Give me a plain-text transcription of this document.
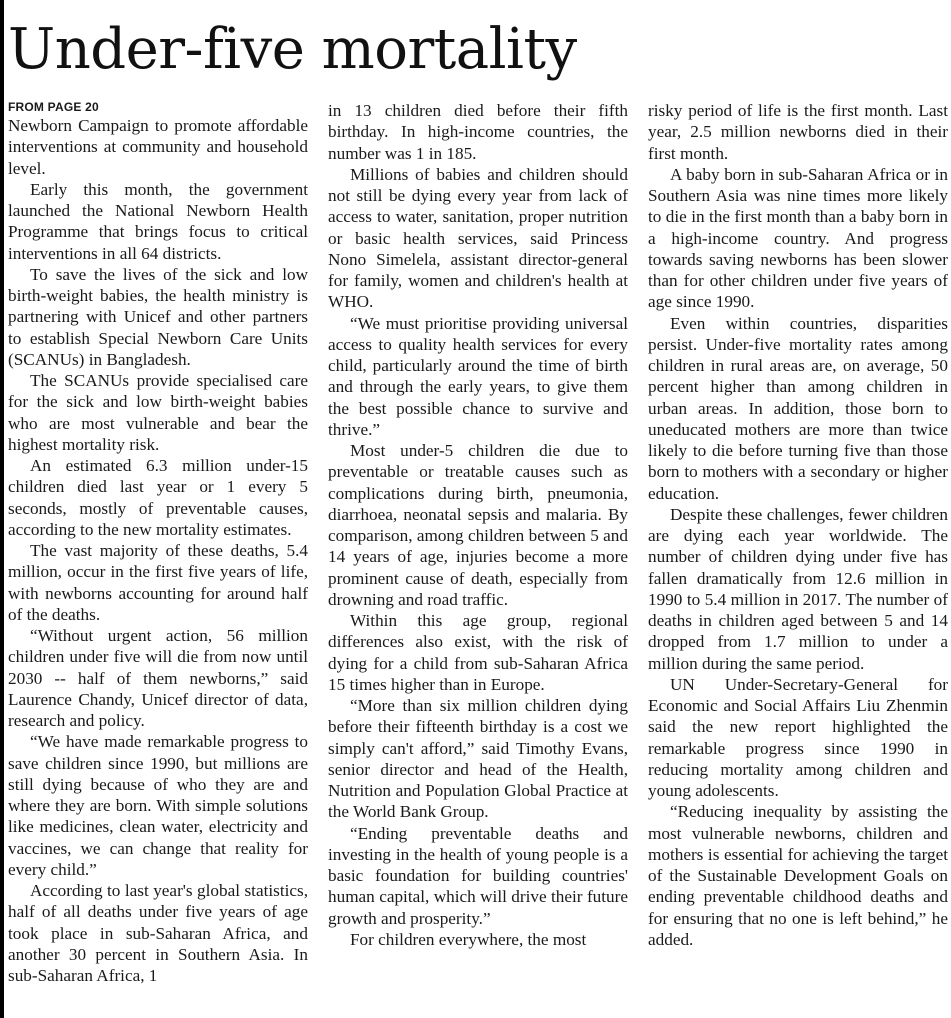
Under-five mortality
FROM PAGE 20

Newborn Campaign to promote affordable interventions at community and household level.

Early this month, the government launched the National Newborn Health Programme that brings focus to critical interventions in all 64 districts.

To save the lives of the sick and low birth-weight babies, the health ministry is partnering with Unicef and other partners to establish Special Newborn Care Units (SCANUs) in Bangladesh.

The SCANUs provide specialised care for the sick and low birth-weight babies who are most vulnerable and bear the highest mortality risk.

An estimated 6.3 million under-15 children died last year or 1 every 5 seconds, mostly of preventable causes, according to the new mortality estimates.

The vast majority of these deaths, 5.4 million, occur in the first five years of life, with newborns accounting for around half of the deaths.

“Without urgent action, 56 million children under five will die from now until 2030 -- half of them newborns,” said Laurence Chandy, Unicef director of data, research and policy.

“We have made remarkable progress to save children since 1990, but millions are still dying because of who they are and where they are born. With simple solutions like medicines, clean water, electricity and vaccines, we can change that reality for every child.”

According to last year's global statistics, half of all deaths under five years of age took place in sub-Saharan Africa, and another 30 percent in Southern Asia. In sub-Saharan Africa, 1

in 13 children died before their fifth birthday. In high-income countries, the number was 1 in 185.

Millions of babies and children should not still be dying every year from lack of access to water, sanitation, proper nutrition or basic health services, said Princess Nono Simelela, assistant director-general for family, women and children's health at WHO.

“We must prioritise providing universal access to quality health services for every child, particularly around the time of birth and through the early years, to give them the best possible chance to survive and thrive.”

Most under-5 children die due to preventable or treatable causes such as complications during birth, pneumonia, diarrhoea, neonatal sepsis and malaria. By comparison, among children between 5 and 14 years of age, injuries become a more prominent cause of death, especially from drowning and road traffic.

Within this age group, regional differences also exist, with the risk of dying for a child from sub-Saharan Africa 15 times higher than in Europe.

“More than six million children dying before their fifteenth birthday is a cost we simply can't afford,” said Timothy Evans, senior director and head of the Health, Nutrition and Population Global Practice at the World Bank Group.

“Ending preventable deaths and investing in the health of young people is a basic foundation for building countries' human capital, which will drive their future growth and prosperity.”

For children everywhere, the most

risky period of life is the first month. Last year, 2.5 million newborns died in their first month.

A baby born in sub-Saharan Africa or in Southern Asia was nine times more likely to die in the first month than a baby born in a high-income country. And progress towards saving newborns has been slower than for other children under five years of age since 1990.

Even within countries, disparities persist. Under-five mortality rates among children in rural areas are, on average, 50 percent higher than among children in urban areas. In addition, those born to uneducated mothers are more than twice likely to die before turning five than those born to mothers with a secondary or higher education.

Despite these challenges, fewer children are dying each year worldwide. The number of children dying under five has fallen dramatically from 12.6 million in 1990 to 5.4 million in 2017. The number of deaths in children aged between 5 and 14 dropped from 1.7 million to under a million during the same period.

UN Under-Secretary-General for Economic and Social Affairs Liu Zhenmin said the new report highlighted the remarkable progress since 1990 in reducing mortality among children and young adolescents.

“Reducing inequality by assisting the most vulnerable newborns, children and mothers is essential for achieving the target of the Sustainable Development Goals on ending preventable childhood deaths and for ensuring that no one is left behind,” he added.
